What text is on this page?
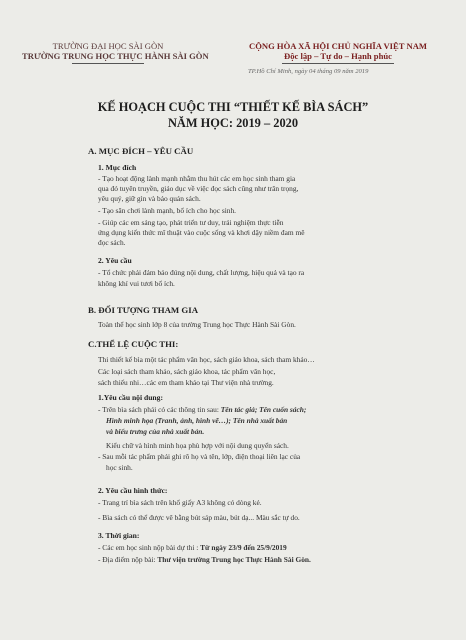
TRƯỜNG ĐẠI HỌC SÀI GÒN
TRƯỜNG TRUNG HỌC THỰC HÀNH SÀI GÒN
CỘNG HÒA XÃ HỘI CHỦ NGHĨA VIỆT NAM
Độc lập – Tự do – Hạnh phúc
TP.Hồ Chí Minh, ngày 04 tháng 09 năm 2019
KẾ HOẠCH CUỘC THI “THIẾT KẾ BÌA SÁCH”
NĂM HỌC: 2019 – 2020
A. MỤC ĐÍCH – YÊU CẦU
1. Mục đích
- Tạo hoạt động lành mạnh nhằm thu hút các em học sinh tham gia
qua đó tuyên truyền, giáo dục về việc đọc sách cũng như trân trọng,
yêu quý, giữ gìn và bảo quản sách.
- Tạo sân chơi lành mạnh, bổ ích cho học sinh.
- Giúp các em sáng tạo, phát triển tư duy, trải nghiệm thực tiễn
ứng dụng kiến thức mĩ thuật vào cuộc sống và khơi dậy niềm đam mê
đọc sách.
2. Yêu cầu
- Tổ chức phải đảm bảo đúng nội dung, chất lượng, hiệu quả và tạo ra
không khí vui tươi bổ ích.
B. ĐỐI TƯỢNG THAM GIA
Toàn thể học sinh lớp 8 của trường Trung học Thực Hành Sài Gòn.
C.THỂ LỆ CUỘC THI:
Thi thiết kế bìa một tác phẩm văn học, sách giáo khoa, sách tham khảo…
Các loại sách tham khảo, sách giáo khoa, tác phẩm văn học,
sách thiếu nhi…các em tham khảo tại Thư viện nhà trường.
1.Yêu cầu nội dung:
- Trên bìa sách phải có các thông tin sau: Tên tác giả; Tên cuốn sách;
Hình minh họa (Tranh, ảnh, hình vẽ…); Tên nhà xuất bản
và biểu trưng của nhà xuất bản.
Kiểu chữ và hình minh họa phù hợp với nội dung quyển sách.
- Sau mỗi tác phẩm phải ghi rõ họ và tên, lớp, điện thoại liên lạc của
học sinh.
2. Yêu cầu hình thức:
- Trang trí bìa sách trên khổ giấy A3 không có dòng kẻ.
- Bìa sách có thể được vẽ bằng bút sáp màu, bút dạ... Màu sắc tự do.
3. Thời gian:
- Các em học sinh nộp bài dự thi : Từ ngày 23/9 đến 25/9/2019
- Địa điểm nộp bài: Thư viện trường Trung học Thực Hành Sài Gòn.
